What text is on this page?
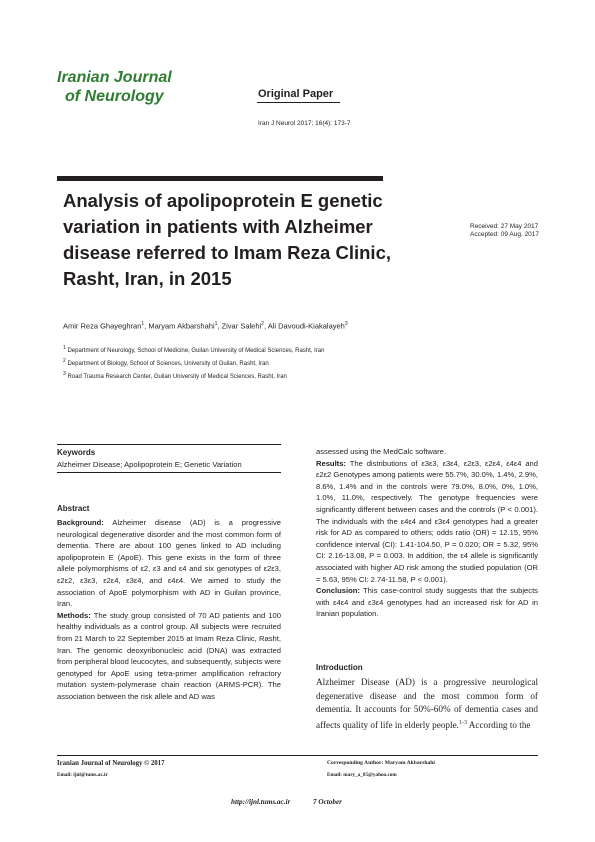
Iranian Journal
of Neurology	Original Paper
Iran J Neurol 2017; 16(4): 173-7
Analysis of apolipoprotein E genetic variation in patients with Alzheimer disease referred to Imam Reza Clinic, Rasht, Iran, in 2015
Received: 27 May 2017
Accepted: 09 Aug. 2017
Amir Reza Ghayeghran$^1$, Maryam Akbarshahi$^1$, Zivar Salehi$^2$, Ali Davoudi-Kiakalayeh$^3$
$^1$ Department of Neurology, School of Medicine, Guilan University of Medical Sciences, Rasht, Iran
$^2$ Department of Biology, School of Sciences, University of Guilan, Rasht, Iran
$^3$ Road Trauma Research Center, Guilan University of Medical Sciences, Rasht, Iran
Keywords
Alzheimer Disease; Apolipoprotein E; Genetic Variation
Abstract

Background: Alzheimer disease (AD) is a progressive neurological degenerative disorder and the most common form of dementia. There are about 100 genes linked to AD including apolipoprotein E (ApoE). This gene exists in the form of three allele polymorphisms of ε2, ε3 and ε4 and six genotypes of ε2ε3, ε2ε2, ε3ε3, ε2ε4, ε3ε4, and ε4ε4. We aimed to study the association of ApoE polymorphism with AD in Guilan province, Iran.

Methods: The study group consisted of 70 AD patients and 100 healthy individuals as a control group. All subjects were recruited from 21 March to 22 September 2015 at Imam Reza Clinic, Rasht, Iran. The genomic deoxyribonucleic acid (DNA) was extracted from peripheral blood leucocytes, and subsequently, subjects were genotyped for ApoE using tetra-primer amplification refractory mutation system-polymerase chain reaction (ARMS-PCR). The association between the risk allele and AD was

assessed using the MedCalc software.

Results: The distributions of ε3ε3, ε3ε4, ε2ε3, ε2ε4, ε4ε4 and ε2ε2 Genotypes among patients were 55.7%, 30.0%, 1.4%, 2.9%, 8.6%, 1.4% and in the controls were 79.0%, 8.0%, 0%, 1.0%, 1.0%, 11.0%, respectively. The genotype frequencies were significantly different between cases and the controls (P < 0.001). The individuals with the ε4ε4 and ε3ε4 genotypes had a greater risk for AD as compared to others; odds ratio (OR) = 12.15, 95% confidence interval (CI): 1.41-104.50, P = 0.020; OR = 5.32, 95% CI: 2.16-13.08, P = 0.003. In addition, the ε4 allele is significantly associated with higher AD risk among the studied population (OR = 5.63, 95% CI: 2.74-11.58, P < 0.001).

Conclusion: This case-control study suggests that the subjects with ε4ε4 and ε3ε4 genotypes had an increased risk for AD in Iranian population.

Introduction
Alzheimer Disease (AD) is a progressive neurological degenerative disease and the most common form of dementia. It accounts for 50%-60% of dementia cases and affects quality of life in elderly people.$^{1-3}$ According to the
Iranian Journal of Neurology © 2017
Email: ijnl@tums.ac.ir
Corresponding Author: Maryam Akbarshahi
Email: mary_a_85@yahoo.com
http://ijnl.tums.ac.ir	7 October
